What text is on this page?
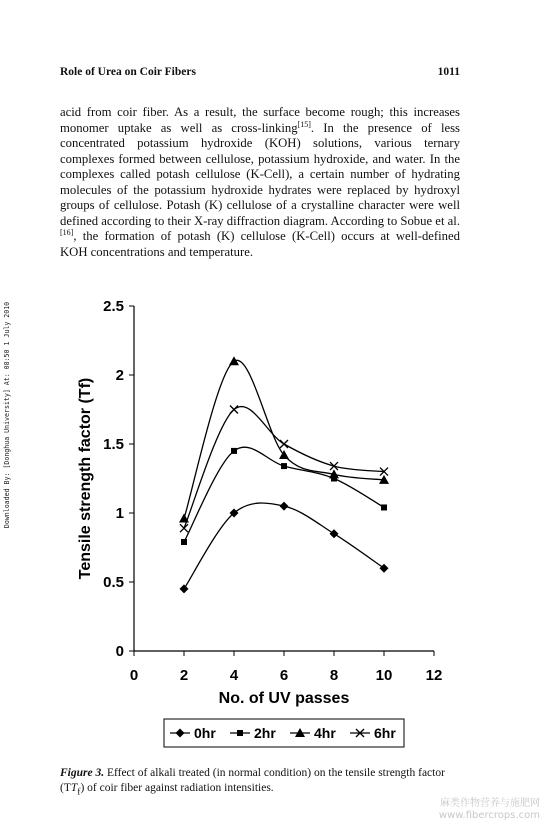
Role of Urea on Coir Fibers	1011

acid from coir fiber. As a result, the surface become rough; this increases monomer uptake as well as cross-linking[15]. In the presence of less concentrated potassium hydroxide (KOH) solutions, various ternary complexes formed between cellulose, potassium hydroxide, and water. In the complexes called potash cellulose (K-Cell), a certain number of hydrating molecules of the potassium hydroxide hydrates were replaced by hydroxyl groups of cellulose. Potash (K) cellulose of a crystalline character were well defined according to their X-ray diffraction diagram. According to Sobue et al.[16], the formation of potash (K) cellulose (K-Cell) occurs at well-defined KOH concentrations and temperature.

Downloaded By: [Donghua University] At: 08:50 1 July 2010
0
0.5
1
1.5
2
2.5
0	2	4	6	8 10 12
No. of UV passes
Tensile strength factor (Tf)
0hr	2hr	4hr	6hr
Figure 3. Effect of alkali treated (in normal condition) on the tensile strength factor $(TT_f)$ of coir fiber against radiation intensities.
麻类作物营养与施肥网
www.fibercrops.com
